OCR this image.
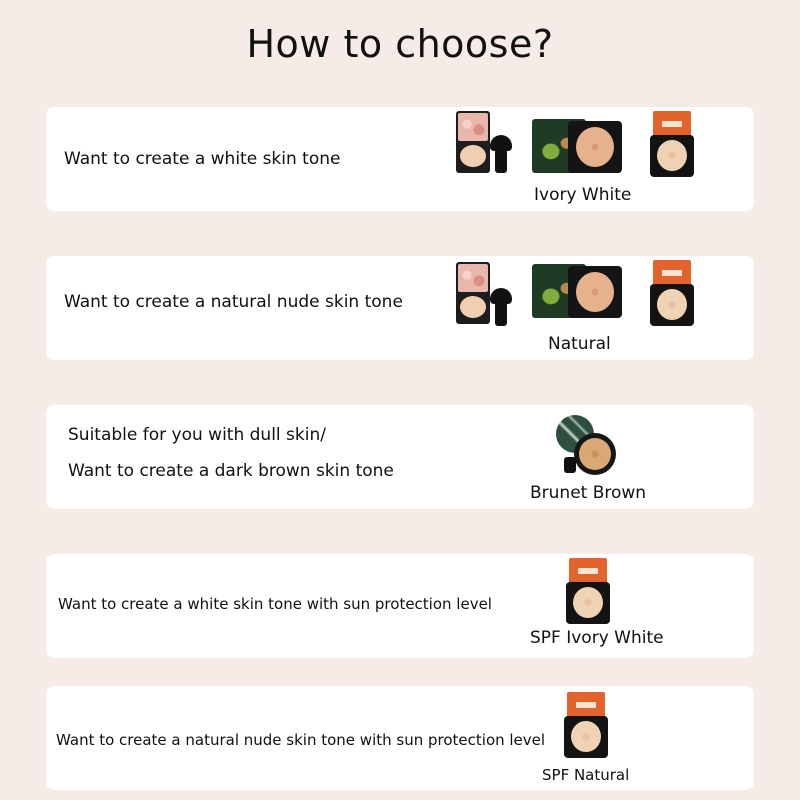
How to choose?
Want to create a white skin tone
Ivory White
Want to create a natural nude skin tone
Natural
Suitable for you with dull skin/
Want to create a dark brown skin tone
Brunet Brown
Want to create a white skin tone with sun protection level
SPF Ivory White
Want to create a natural nude skin tone with sun protection level
SPF Natural
